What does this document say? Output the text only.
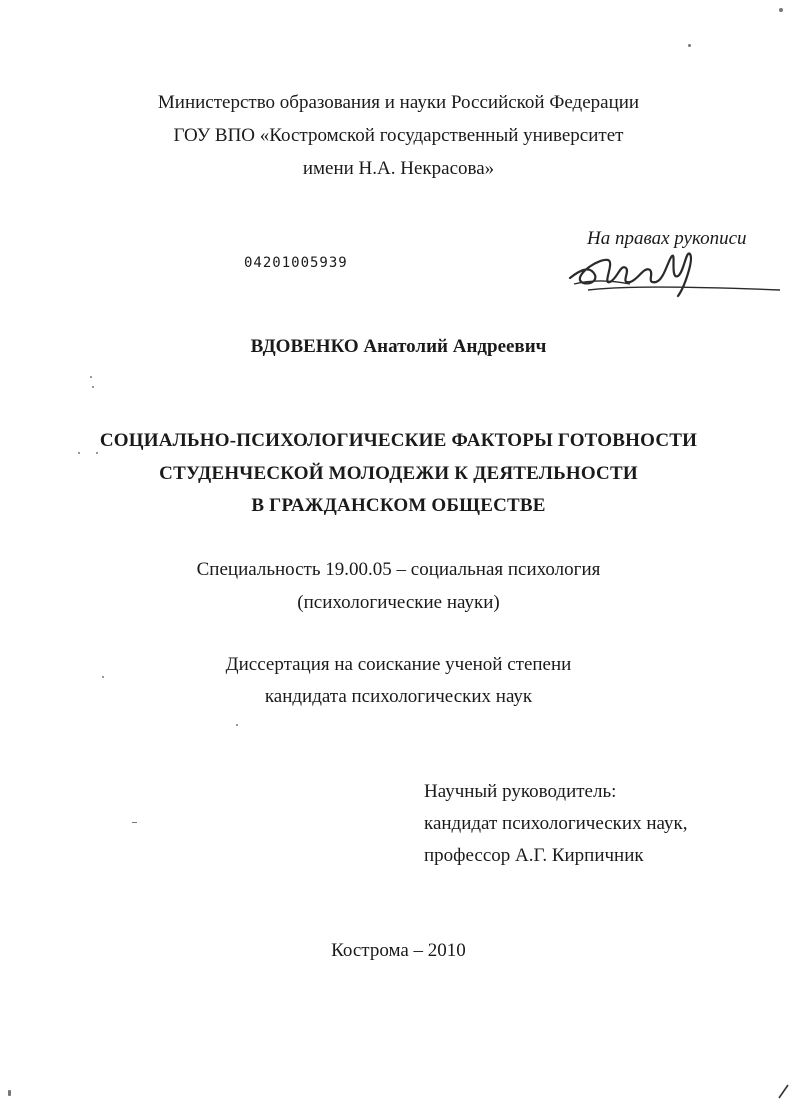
Министерство образования и науки Российской Федерации
ГОУ ВПО «Костромской государственный университет
имени Н.А. Некрасова»
04201005939
На правах рукописи
ВДОВЕНКО Анатолий Андреевич
СОЦИАЛЬНО-ПСИХОЛОГИЧЕСКИЕ ФАКТОРЫ ГОТОВНОСТИ
СТУДЕНЧЕСКОЙ МОЛОДЕЖИ К ДЕЯТЕЛЬНОСТИ
В ГРАЖДАНСКОМ ОБЩЕСТВЕ
Специальность 19.00.05 – социальная психология
(психологические науки)
Диссертация на соискание ученой степени
кандидата психологических наук
Научный руководитель:
кандидат психологических наук,
профессор А.Г. Кирпичник
Кострома – 2010
